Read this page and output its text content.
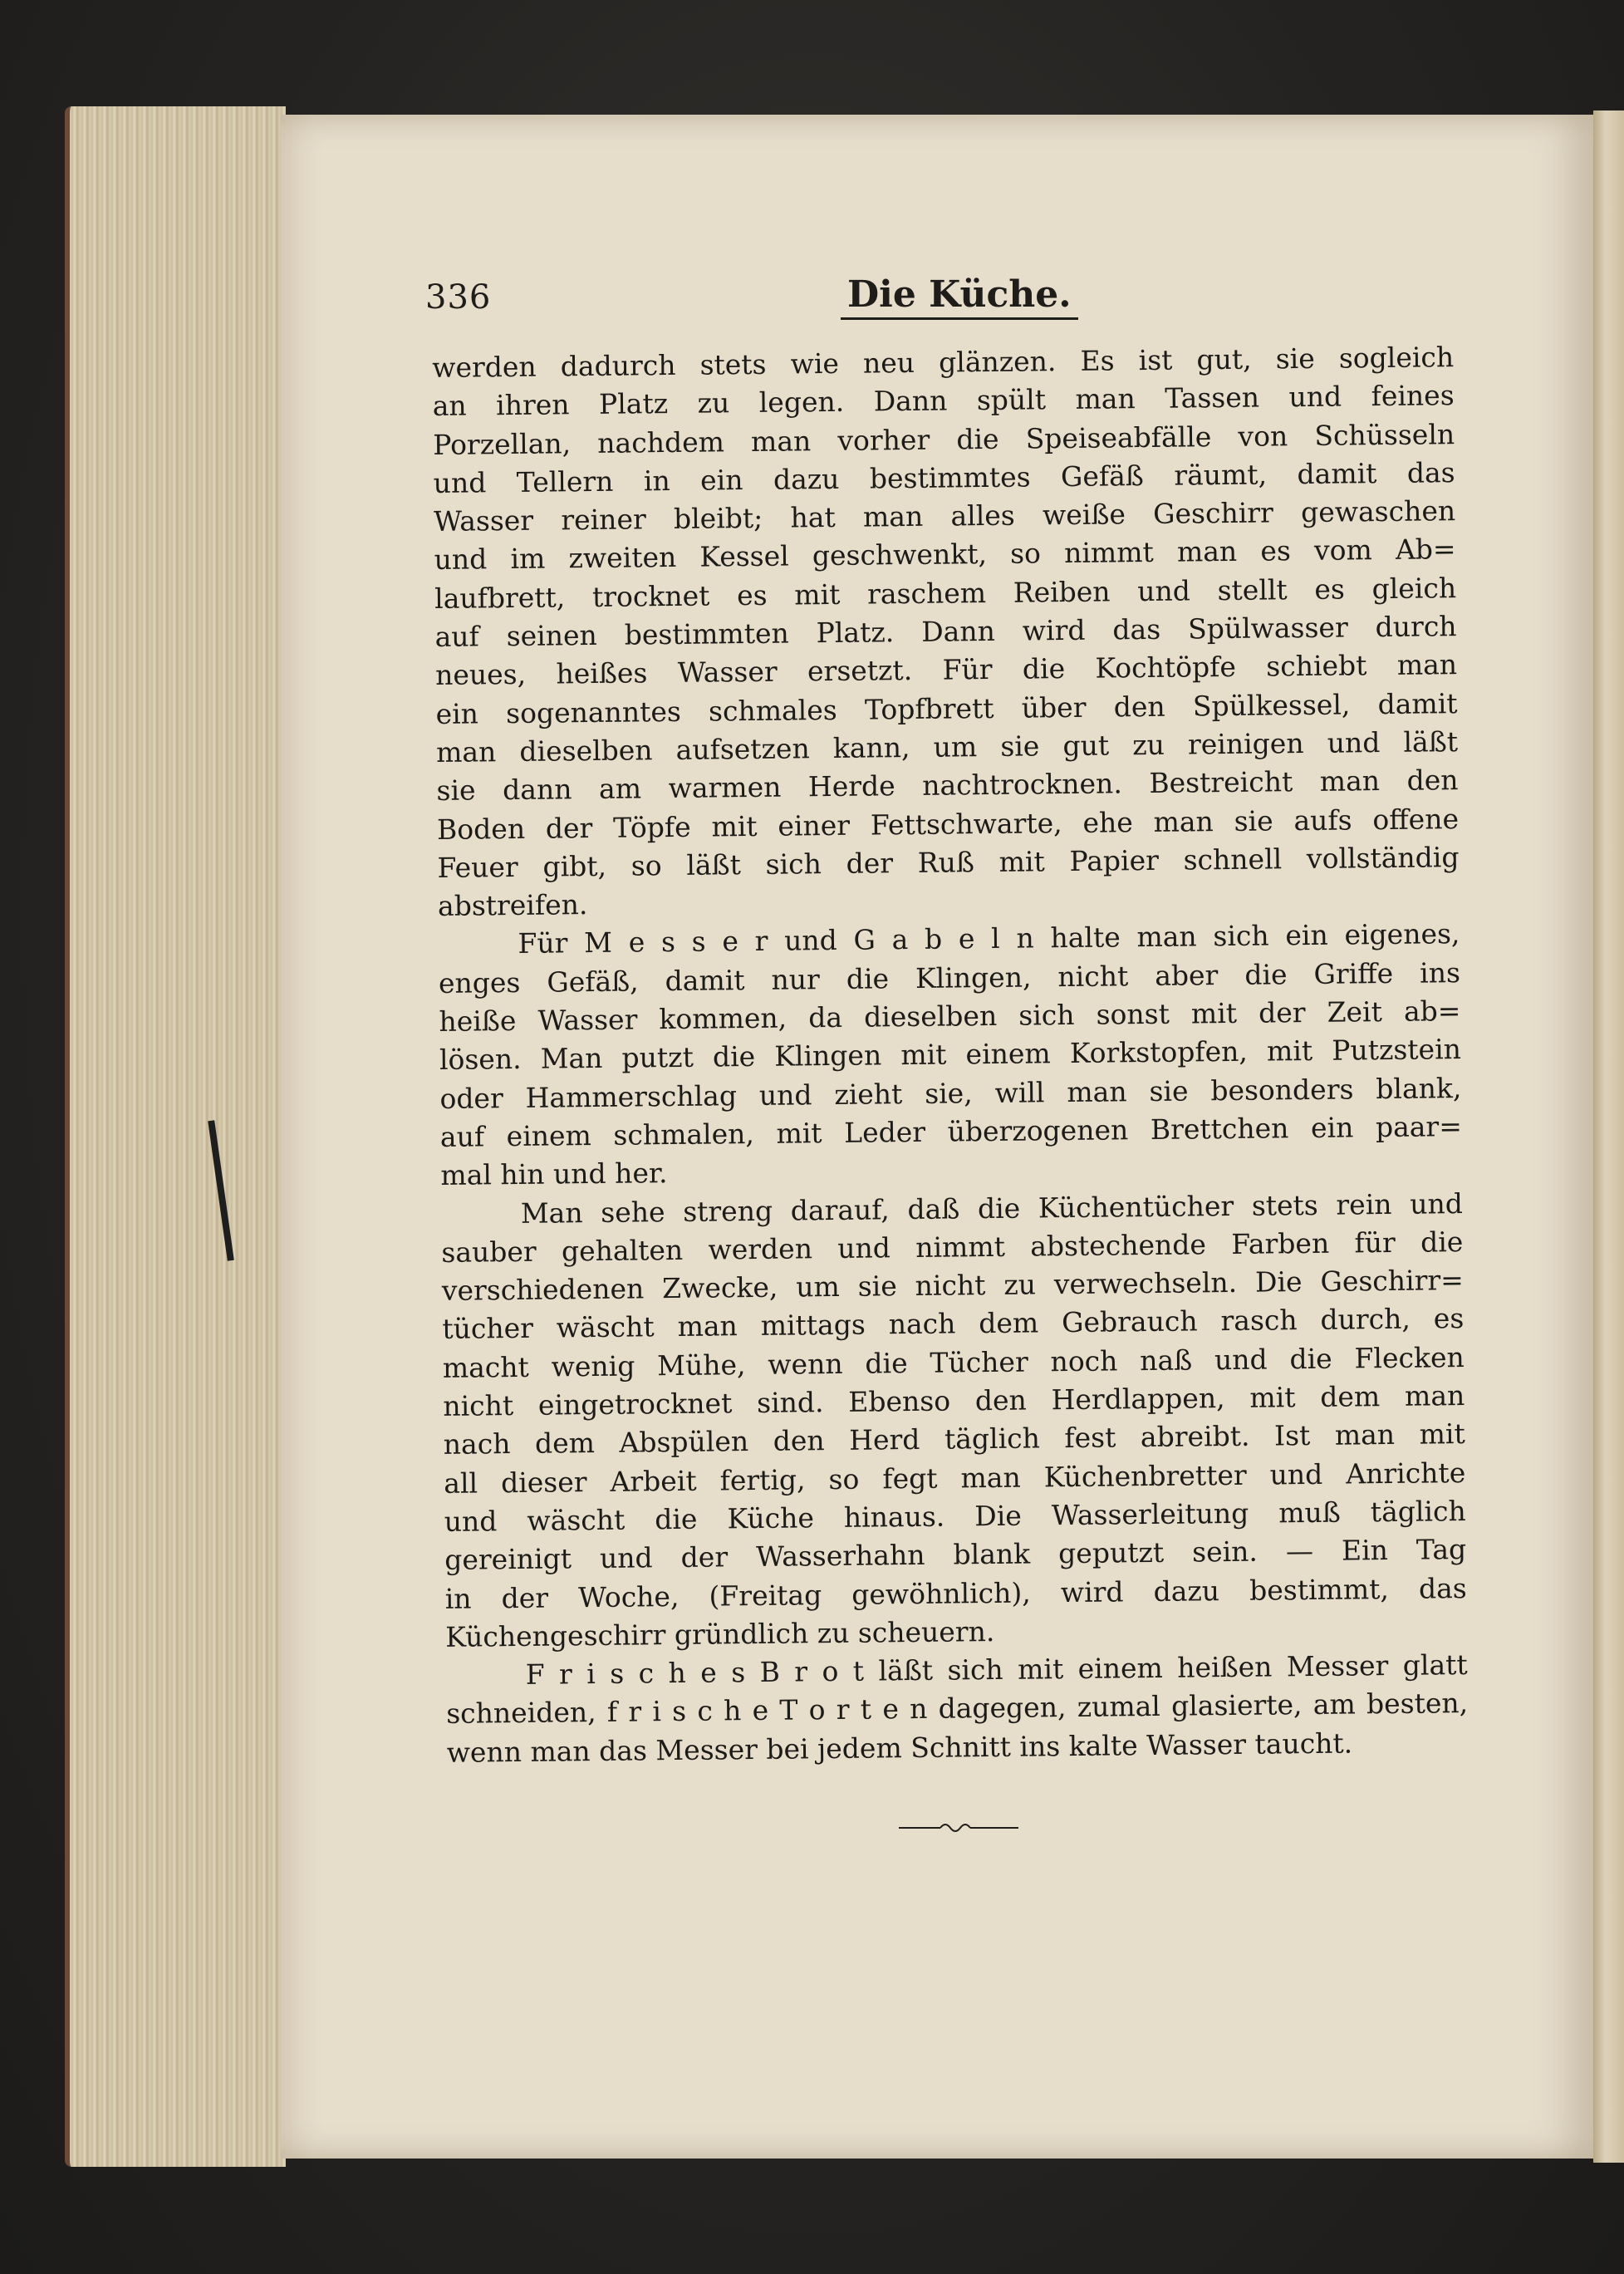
336	Die Küche.
werden dadurch stets wie neu glänzen. Es ist gut, sie sogleich
an ihren Platz zu legen. Dann spült man Tassen und feines
Porzellan, nachdem man vorher die Speiseabfälle von Schüsseln
und Tellern in ein dazu bestimmtes Gefäß räumt, damit das
Wasser reiner bleibt; hat man alles weiße Geschirr gewaschen
und im zweiten Kessel geschwenkt, so nimmt man es vom Ab=
laufbrett, trocknet es mit raschem Reiben und stellt es gleich
auf seinen bestimmten Platz. Dann wird das Spülwasser durch
neues, heißes Wasser ersetzt. Für die Kochtöpfe schiebt man
ein sogenanntes schmales Topfbrett über den Spülkessel, damit
man dieselben aufsetzen kann, um sie gut zu reinigen und läßt
sie dann am warmen Herde nachtrocknen. Bestreicht man den
Boden der Töpfe mit einer Fettschwarte, ehe man sie aufs offene
Feuer gibt, so läßt sich der Ruß mit Papier schnell vollständig
abstreifen.
Für M e s s e r und G a b e l n halte man sich ein eigenes,
enges Gefäß, damit nur die Klingen, nicht aber die Griffe ins
heiße Wasser kommen, da dieselben sich sonst mit der Zeit ab=
lösen. Man putzt die Klingen mit einem Korkstopfen, mit Putzstein
oder Hammerschlag und zieht sie, will man sie besonders blank,
auf einem schmalen, mit Leder überzogenen Brettchen ein paar=
mal hin und her.
Man sehe streng darauf, daß die Küchentücher stets rein und
sauber gehalten werden und nimmt abstechende Farben für die
verschiedenen Zwecke, um sie nicht zu verwechseln. Die Geschirr=
tücher wäscht man mittags nach dem Gebrauch rasch durch, es
macht wenig Mühe, wenn die Tücher noch naß und die Flecken
nicht eingetrocknet sind. Ebenso den Herdlappen, mit dem man
nach dem Abspülen den Herd täglich fest abreibt. Ist man mit
all dieser Arbeit fertig, so fegt man Küchenbretter und Anrichte
und wäscht die Küche hinaus. Die Wasserleitung muß täglich
gereinigt und der Wasserhahn blank geputzt sein. — Ein Tag
in der Woche, (Freitag gewöhnlich), wird dazu bestimmt, das
Küchengeschirr gründlich zu scheuern.
F r i s c h e s B r o t läßt sich mit einem heißen Messer glatt
schneiden, f r i s c h e T o r t e n dagegen, zumal glasierte, am besten,
wenn man das Messer bei jedem Schnitt ins kalte Wasser taucht.
